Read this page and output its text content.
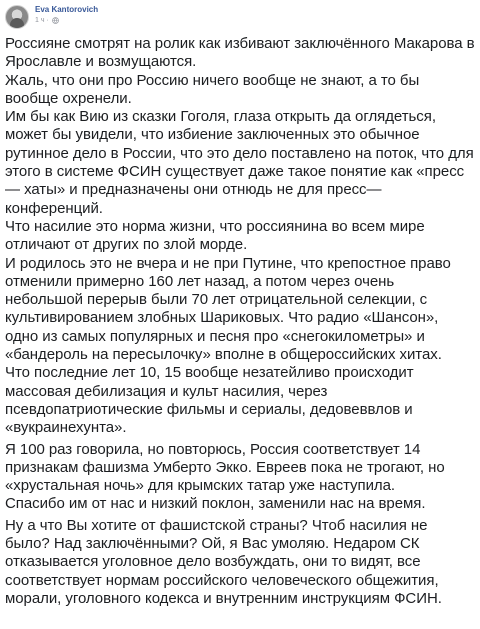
Eva Kantorovich
1 ч ·

Россияне смотрят на ролик как избивают заключённого Макарова в Ярославле и возмущаются.
Жаль, что они про Россию ничего вообще не знают, а то бы вообще охренели.
Им бы как Вию из сказки Гоголя, глаза открыть да оглядеться, может бы увидели, что избиение заключенных это обычное рутинное дело в России, что это дело поставлено на поток, что для этого в системе ФСИН существует даже такое понятие как «пресс— хаты» и предназначены они отнюдь не для пресс— конференций.
Что насилие это норма жизни, что россиянина во всем мире отличают от других по злой морде.
И родилось это не вчера и не при Путине, что крепостное право отменили примерно 160 лет назад, а потом через очень небольшой перерыв были 70 лет отрицательной селекции, с культивированием злобных Шариковых. Что радио «Шансон», одно из самых популярных и песня про «снегокилометры» и «бандероль на пересылочку» вполне в общероссийских хитах.
Что последние лет 10, 15 вообще незатейливо происходит массовая дебилизация и культ насилия, через псевдопатриотические фильмы и сериалы, дедовеввлов и «вукраинехунта».

Я 100 раз говорила, но повторюсь, Россия соответствует 14 признакам фашизма Умберто Экко. Евреев пока не трогают, но «хрустальная ночь» для крымских татар уже наступила.
Спасибо им от нас и низкий поклон, заменили нас на время.

Ну а что Вы хотите от фашистской страны? Чтоб насилия не было? Над заключёнными? Ой, я Вас умоляю. Недаром СК отказывается уголовное дело возбуждать, они то видят, все соответствует нормам российского человеческого общежития, морали, уголовного кодекса и внутренним инструкциям ФСИН.
